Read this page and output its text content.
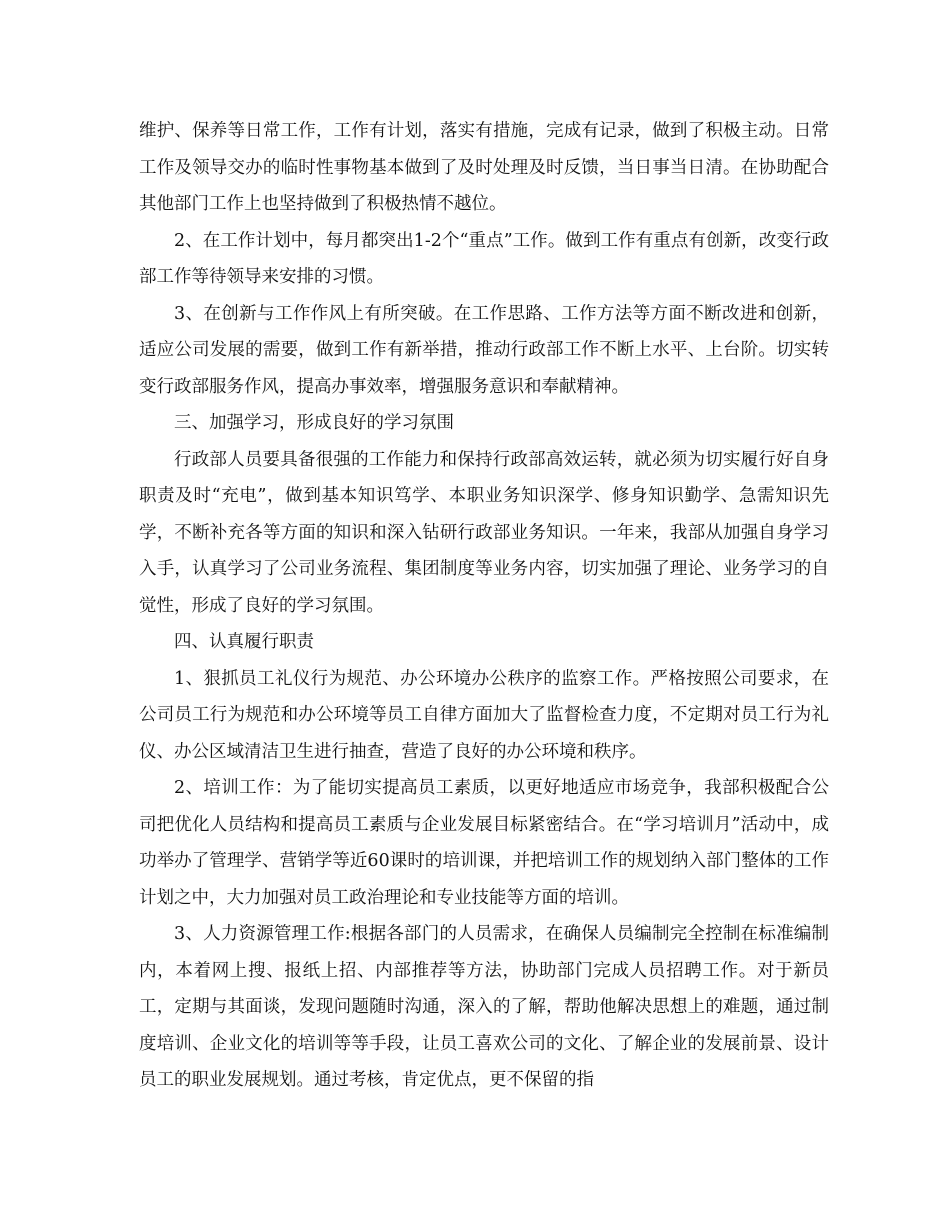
维护、保养等日常工作，工作有计划，落实有措施，完成有记录，做到了积极主动。日常工作及领导交办的临时性事物基本做到了及时处理及时反馈，当日事当日清。在协助配合其他部门工作上也坚持做到了积极热情不越位。

2、在工作计划中，每月都突出1-2个“重点”工作。做到工作有重点有创新，改变行政部工作等待领导来安排的习惯。

3、在创新与工作作风上有所突破。在工作思路、工作方法等方面不断改进和创新，适应公司发展的需要，做到工作有新举措，推动行政部工作不断上水平、上台阶。切实转变行政部服务作风，提高办事效率，增强服务意识和奉献精神。

三、加强学习，形成良好的学习氛围

行政部人员要具备很强的工作能力和保持行政部高效运转，就必须为切实履行好自身职责及时“充电”，做到基本知识笃学、本职业务知识深学、修身知识勤学、急需知识先学，不断补充各等方面的知识和深入钻研行政部业务知识。一年来，我部从加强自身学习入手，认真学习了公司业务流程、集团制度等业务内容，切实加强了理论、业务学习的自觉性，形成了良好的学习氛围。

四、认真履行职责

1、狠抓员工礼仪行为规范、办公环境办公秩序的监察工作。严格按照公司要求，在公司员工行为规范和办公环境等员工自律方面加大了监督检查力度，不定期对员工行为礼仪、办公区域清洁卫生进行抽查，营造了良好的办公环境和秩序。

2、培训工作：为了能切实提高员工素质，以更好地适应市场竞争，我部积极配合公司把优化人员结构和提高员工素质与企业发展目标紧密结合。在“学习培训月”活动中，成功举办了管理学、营销学等近60课时的培训课，并把培训工作的规划纳入部门整体的工作计划之中，大力加强对员工政治理论和专业技能等方面的培训。

3、人力资源管理工作:根据各部门的人员需求，在确保人员编制完全控制在标准编制内，本着网上搜、报纸上招、内部推荐等方法，协助部门完成人员招聘工作。对于新员工，定期与其面谈，发现问题随时沟通，深入的了解，帮助他解决思想上的难题，通过制度培训、企业文化的培训等等手段，让员工喜欢公司的文化、了解企业的发展前景、设计员工的职业发展规划。通过考核，肯定优点，更不保留的指
